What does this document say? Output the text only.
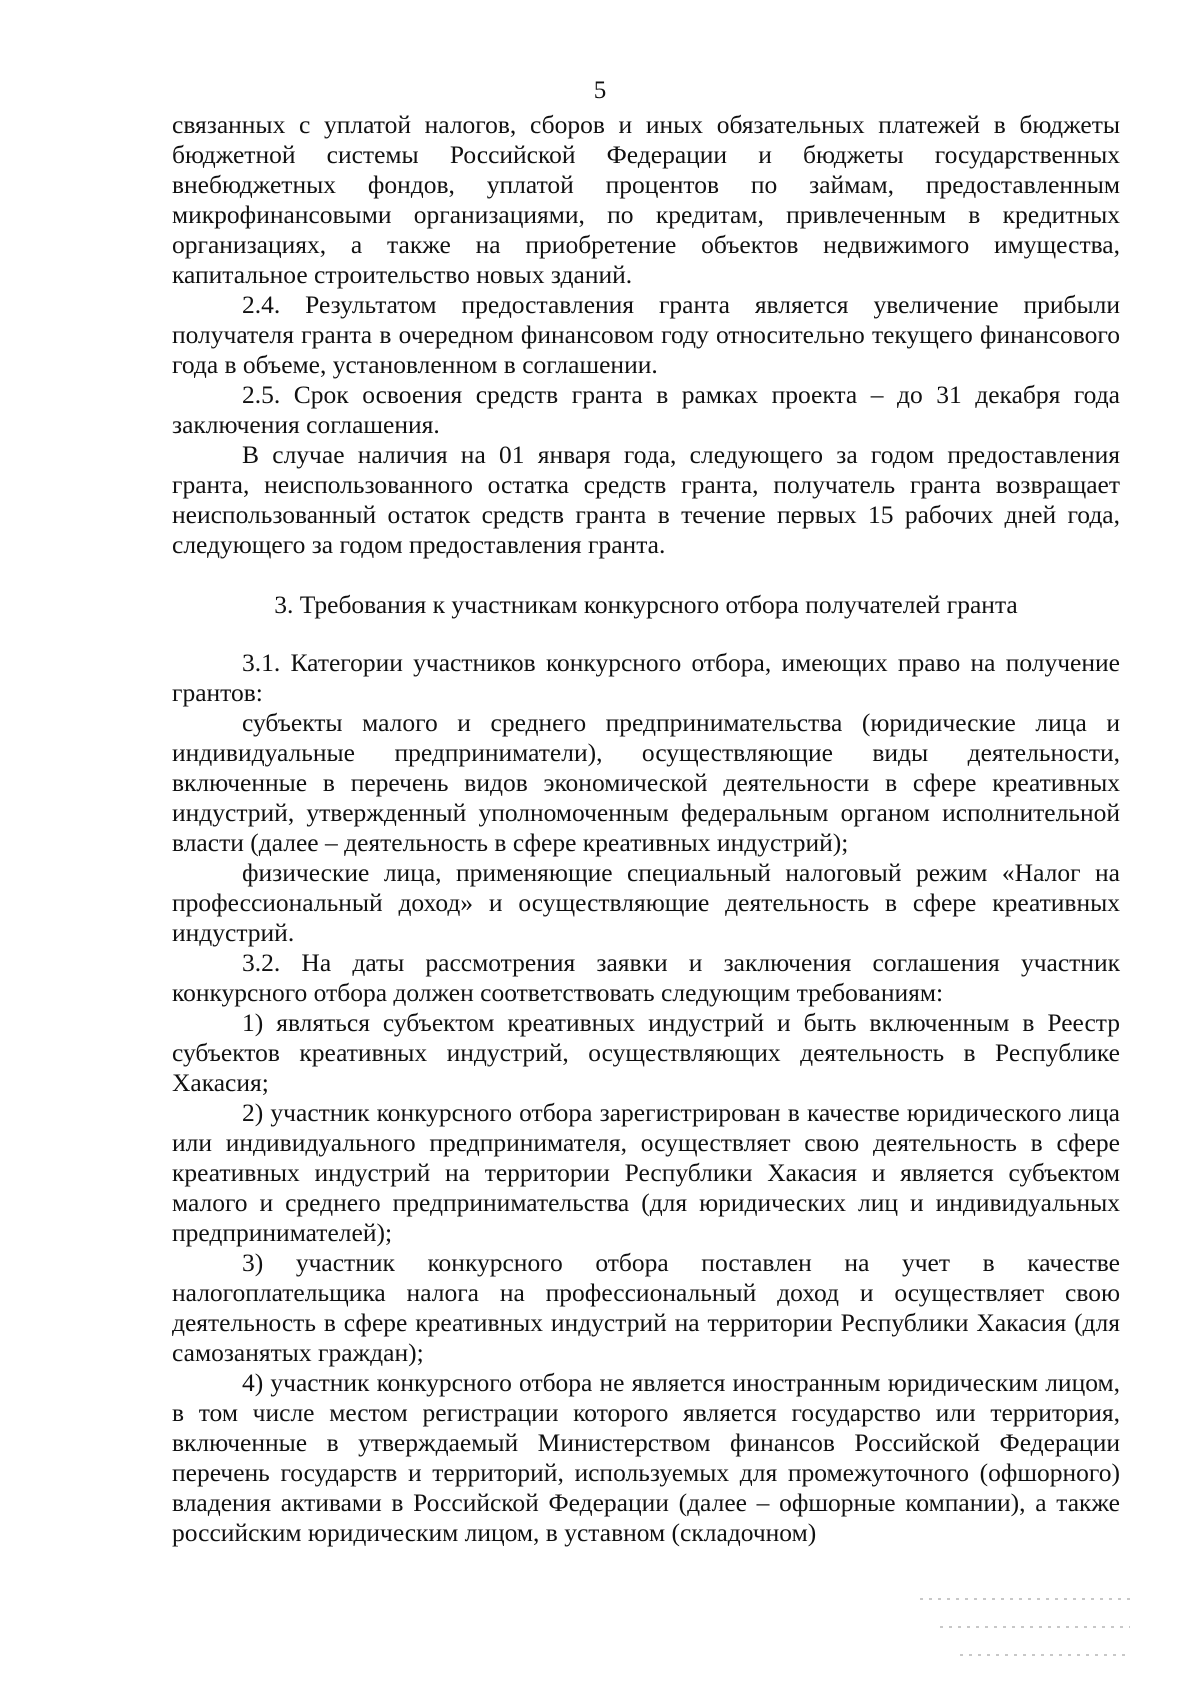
5

связанных с уплатой налогов, сборов и иных обязательных платежей в бюджеты бюджетной системы Российской Федерации и бюджеты государственных внебюджетных фондов, уплатой процентов по займам, предоставленным микрофинансовыми организациями, по кредитам, привлеченным в кредитных организациях, а также на приобретение объектов недвижимого имущества, капитальное строительство новых зданий.

2.4. Результатом предоставления гранта является увеличение прибыли получателя гранта в очередном финансовом году относительно текущего финансового года в объеме, установленном в соглашении.

2.5. Срок освоения средств гранта в рамках проекта – до 31 декабря года заключения соглашения.

В случае наличия на 01 января года, следующего за годом предоставления гранта, неиспользованного остатка средств гранта, получатель гранта возвращает неиспользованный остаток средств гранта в течение первых 15 рабочих дней года, следующего за годом предоставления гранта.

3. Требования к участникам конкурсного отбора получателей гранта

3.1. Категории участников конкурсного отбора, имеющих право на получение грантов:

субъекты малого и среднего предпринимательства (юридические лица и индивидуальные предприниматели), осуществляющие виды деятельности, включенные в перечень видов экономической деятельности в сфере креативных индустрий, утвержденный уполномоченным федеральным органом исполнительной власти (далее – деятельность в сфере креативных индустрий);

физические лица, применяющие специальный налоговый режим «Налог на профессиональный доход» и осуществляющие деятельность в сфере креативных индустрий.

3.2. На даты рассмотрения заявки и заключения соглашения участник конкурсного отбора должен соответствовать следующим требованиям:

1) являться субъектом креативных индустрий и быть включенным в Реестр субъектов креативных индустрий, осуществляющих деятельность в Республике Хакасия;

2) участник конкурсного отбора зарегистрирован в качестве юридического лица или индивидуального предпринимателя, осуществляет свою деятельность в сфере креативных индустрий на территории Республики Хакасия и является субъектом малого и среднего предпринимательства (для юридических лиц и индивидуальных предпринимателей);

3) участник конкурсного отбора поставлен на учет в качестве налогоплательщика налога на профессиональный доход и осуществляет свою деятельность в сфере креативных индустрий на территории Республики Хакасия (для самозанятых граждан);

4) участник конкурсного отбора не является иностранным юридическим лицом, в том числе местом регистрации которого является государство или территория, включенные в утверждаемый Министерством финансов Российской Федерации перечень государств и территорий, используемых для промежуточного (офшорного) владения активами в Российской Федерации (далее – офшорные компании), а также российским юридическим лицом, в уставном (складочном)
